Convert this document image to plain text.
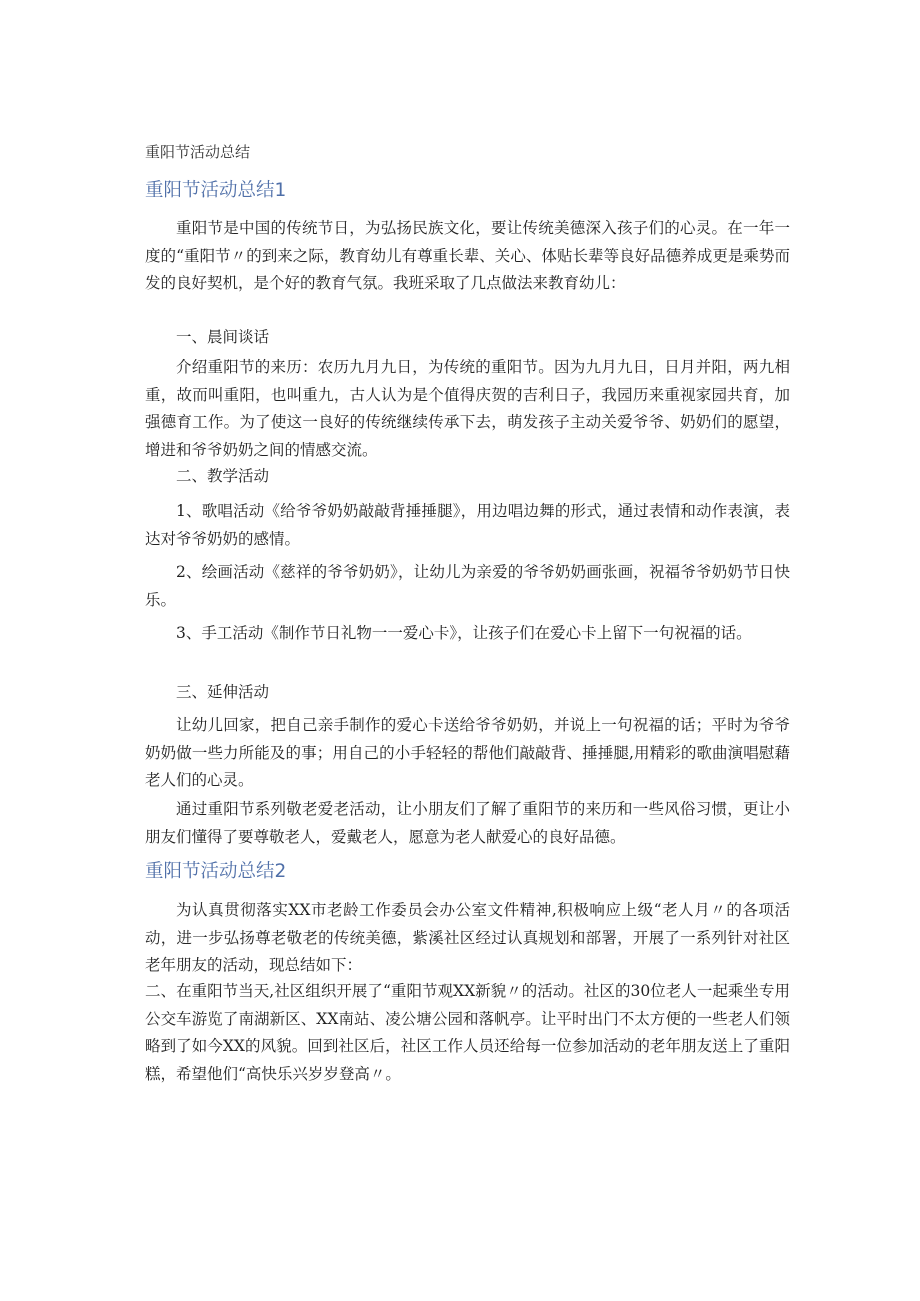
重阳节活动总结
重阳节活动总结1

重阳节是中国的传统节日，为弘扬民族文化，要让传统美德深入孩子们的心灵。在一年一度的“重阳节〃的到来之际，教育幼儿有尊重长辈、关心、体贴长辈等良好品德养成更是乘势而发的良好契机，是个好的教育气氛。我班采取了几点做法来教育幼儿：

一、晨间谈话

介绍重阳节的来历：农历九月九日，为传统的重阳节。因为九月九日，日月并阳，两九相重，故而叫重阳，也叫重九，古人认为是个值得庆贺的吉利日子，我园历来重视家园共育，加强德育工作。为了使这一良好的传统继续传承下去，萌发孩子主动关爱爷爷、奶奶们的愿望，增进和爷爷奶奶之间的情感交流。

二、教学活动

1、歌唱活动《给爷爷奶奶敲敲背捶捶腿》，用边唱边舞的形式，通过表情和动作表演，表达对爷爷奶奶的感情。

2、绘画活动《慈祥的爷爷奶奶》，让幼儿为亲爱的爷爷奶奶画张画，祝福爷爷奶奶节日快乐。

3、手工活动《制作节日礼物一一爱心卡》，让孩子们在爱心卡上留下一句祝福的话。

三、延伸活动

让幼儿回家，把自己亲手制作的爱心卡送给爷爷奶奶，并说上一句祝福的话；平时为爷爷奶奶做一些力所能及的事；用自己的小手轻轻的帮他们敲敲背、捶捶腿,用精彩的歌曲演唱慰藉老人们的心灵。

通过重阳节系列敬老爱老活动，让小朋友们了解了重阳节的来历和一些风俗习惯，更让小朋友们懂得了要尊敬老人，爱戴老人，愿意为老人献爱心的良好品德。

重阳节活动总结2

为认真贯彻落实XX市老龄工作委员会办公室文件精神,积极响应上级“老人月〃的各项活动，进一步弘扬尊老敬老的传统美德，紫溪社区经过认真规划和部署，开展了一系列针对社区老年朋友的活动，现总结如下：

二、在重阳节当天,社区组织开展了“重阳节观XX新貌〃的活动。社区的30位老人一起乘坐专用公交车游览了南湖新区、XX南站、凌公塘公园和落帆亭。让平时出门不太方便的一些老人们领略到了如今XX的风貌。回到社区后，社区工作人员还给每一位参加活动的老年朋友送上了重阳糕，希望他们“高快乐兴岁岁登高〃。
